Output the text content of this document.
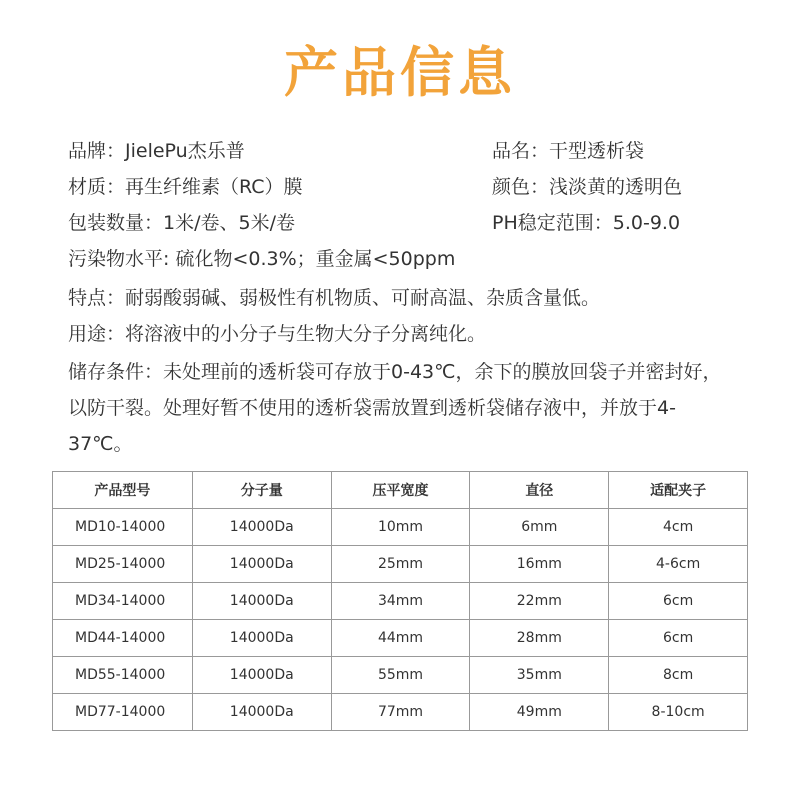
产品信息
品牌：JielePu杰乐普	品名：干型透析袋
材质：再生纤维素（RC）膜	颜色：浅淡黄的透明色
包装数量：1米/卷、5米/卷	PH稳定范围：5.0-9.0
污染物水平: 硫化物<0.3%；重金属<50ppm
特点：耐弱酸弱碱、弱极性有机物质、可耐高温、杂质含量低。
用途：将溶液中的小分子与生物大分子分离纯化。
储存条件：未处理前的透析袋可存放于0-43℃，余下的膜放回袋子并密封好，以防干裂。处理好暂不使用的透析袋需放置到透析袋储存液中，并放于4-37℃。
产品型号	分子量	压平宽度	直径	适配夹子
MD10-14000	14000Da	10mm	6mm	4cm
MD25-14000	14000Da	25mm	16mm	4-6cm
MD34-14000	14000Da	34mm	22mm	6cm
MD44-14000	14000Da	44mm	28mm	6cm
MD55-14000	14000Da	55mm	35mm	8cm
MD77-14000	14000Da	77mm	49mm	8-10cm
